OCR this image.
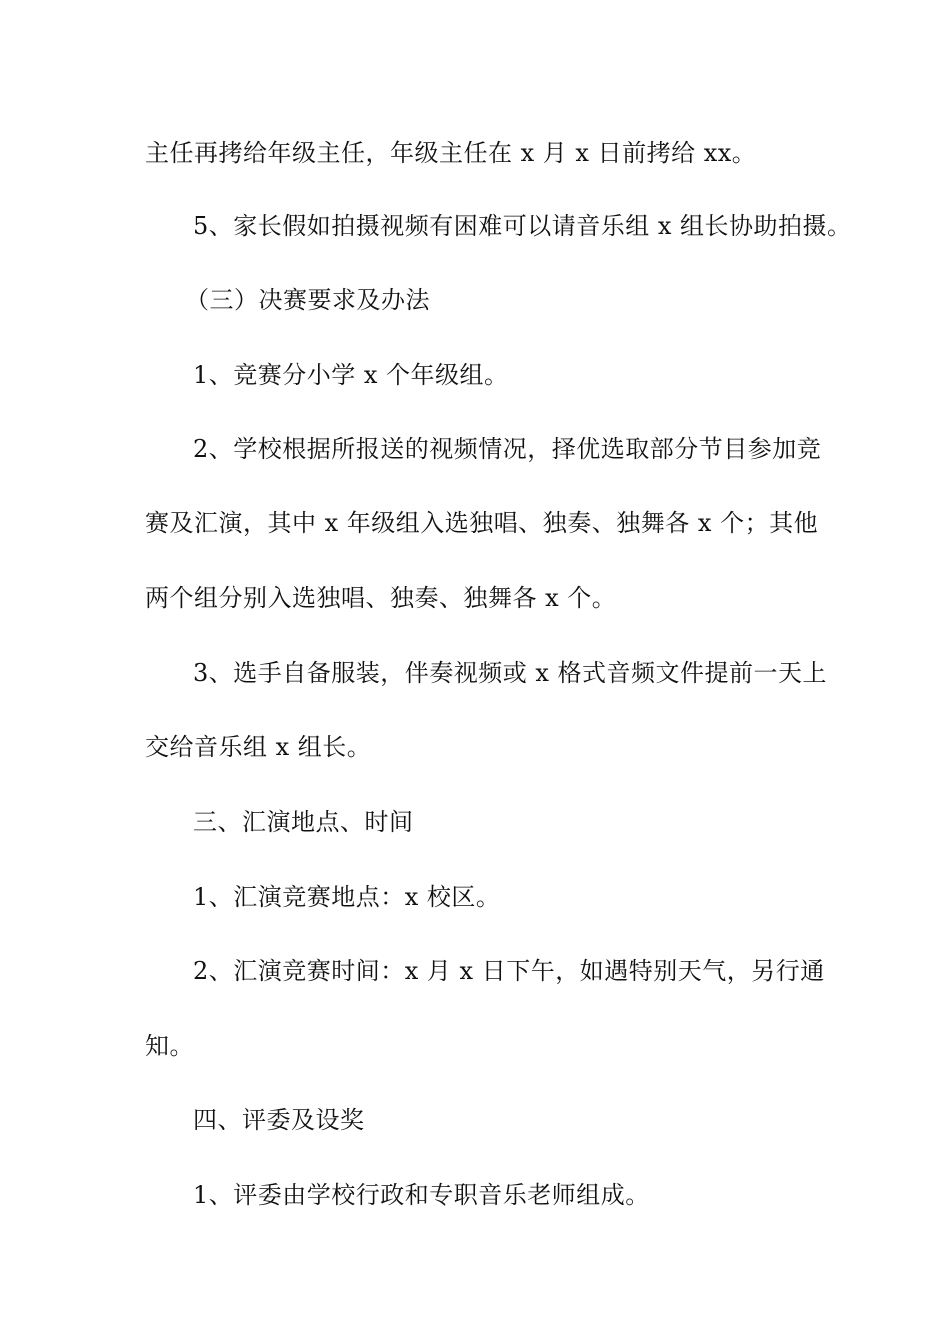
主任再拷给年级主任，年级主任在 x 月 x 日前拷给 xx。
5、家长假如拍摄视频有困难可以请音乐组 x 组长协助拍摄。
（三）决赛要求及办法
1、竞赛分小学 x 个年级组。
2、学校根据所报送的视频情况，择优选取部分节目参加竞
赛及汇演，其中 x 年级组入选独唱、独奏、独舞各 x 个；其他
两个组分别入选独唱、独奏、独舞各 x 个。
3、选手自备服装，伴奏视频或 x 格式音频文件提前一天上
交给音乐组 x 组长。
三、汇演地点、时间
1、汇演竞赛地点：x 校区。
2、汇演竞赛时间：x 月 x 日下午，如遇特别天气，另行通
知。
四、评委及设奖
1、评委由学校行政和专职音乐老师组成。
